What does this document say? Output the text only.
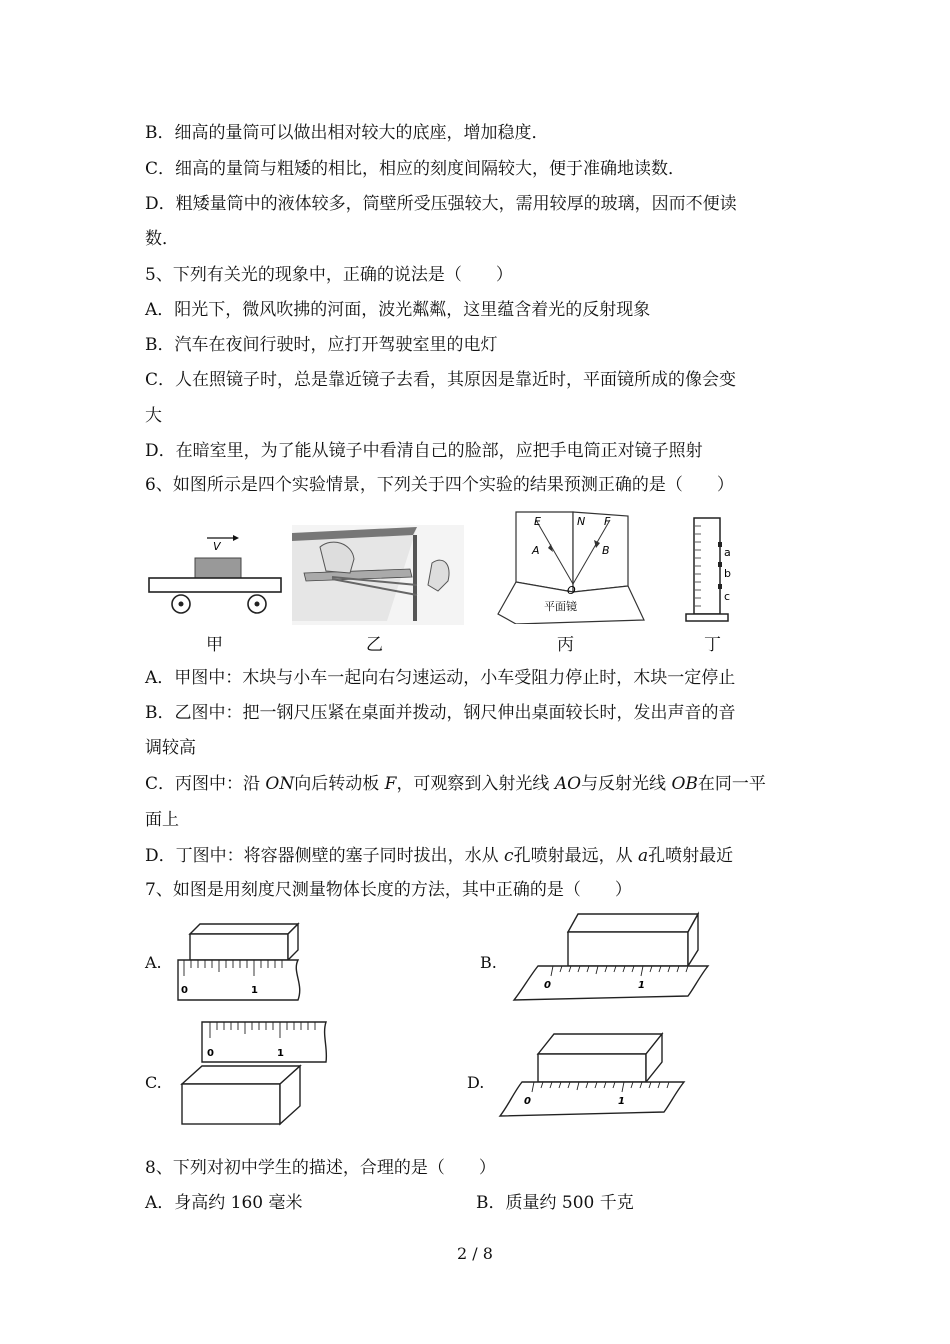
B．细高的量筒可以做出相对较大的底座，增加稳度．
C．细高的量筒与粗矮的相比，相应的刻度间隔较大，便于准确地读数．
D．粗矮量筒中的液体较多，筒壁所受压强较大，需用较厚的玻璃，因而不便读
数．
5、下列有关光的现象中，正确的说法是（　　）
A．阳光下，微风吹拂的河面，波光粼粼，这里蕴含着光的反射现象
B．汽车在夜间行驶时，应打开驾驶室里的电灯
C．人在照镜子时，总是靠近镜子去看，其原因是靠近时，平面镜所成的像会变
大
D．在暗室里，为了能从镜子中看清自己的脸部，应把手电筒正对镜子照射
6、如图所示是四个实验情景，下列关于四个实验的结果预测正确的是（　　）
V
甲	乙
E	N F
A	B
O
平面镜
丙
a
b
c
丁
A．甲图中：木块与小车一起向右匀速运动，小车受阻力停止时，木块一定停止
B．乙图中：把一钢尺压紧在桌面并拨动，钢尺伸出桌面较长时，发出声音的音
调较高
C．丙图中：沿 ON向后转动板 F，可观察到入射光线 AO与反射光线 OB在同一平
面上
D．丁图中：将容器侧壁的塞子同时拔出，水从 c孔喷射最远，从 a孔喷射最近
7、如图是用刻度尺测量物体长度的方法，其中正确的是（　　）
A.
0	1
B.
0	1
C.
0	1
D.
0	1
8、下列对初中学生的描述，合理的是（　　）
A．身高约 160 毫米	B．质量约 500 千克
2 / 8
